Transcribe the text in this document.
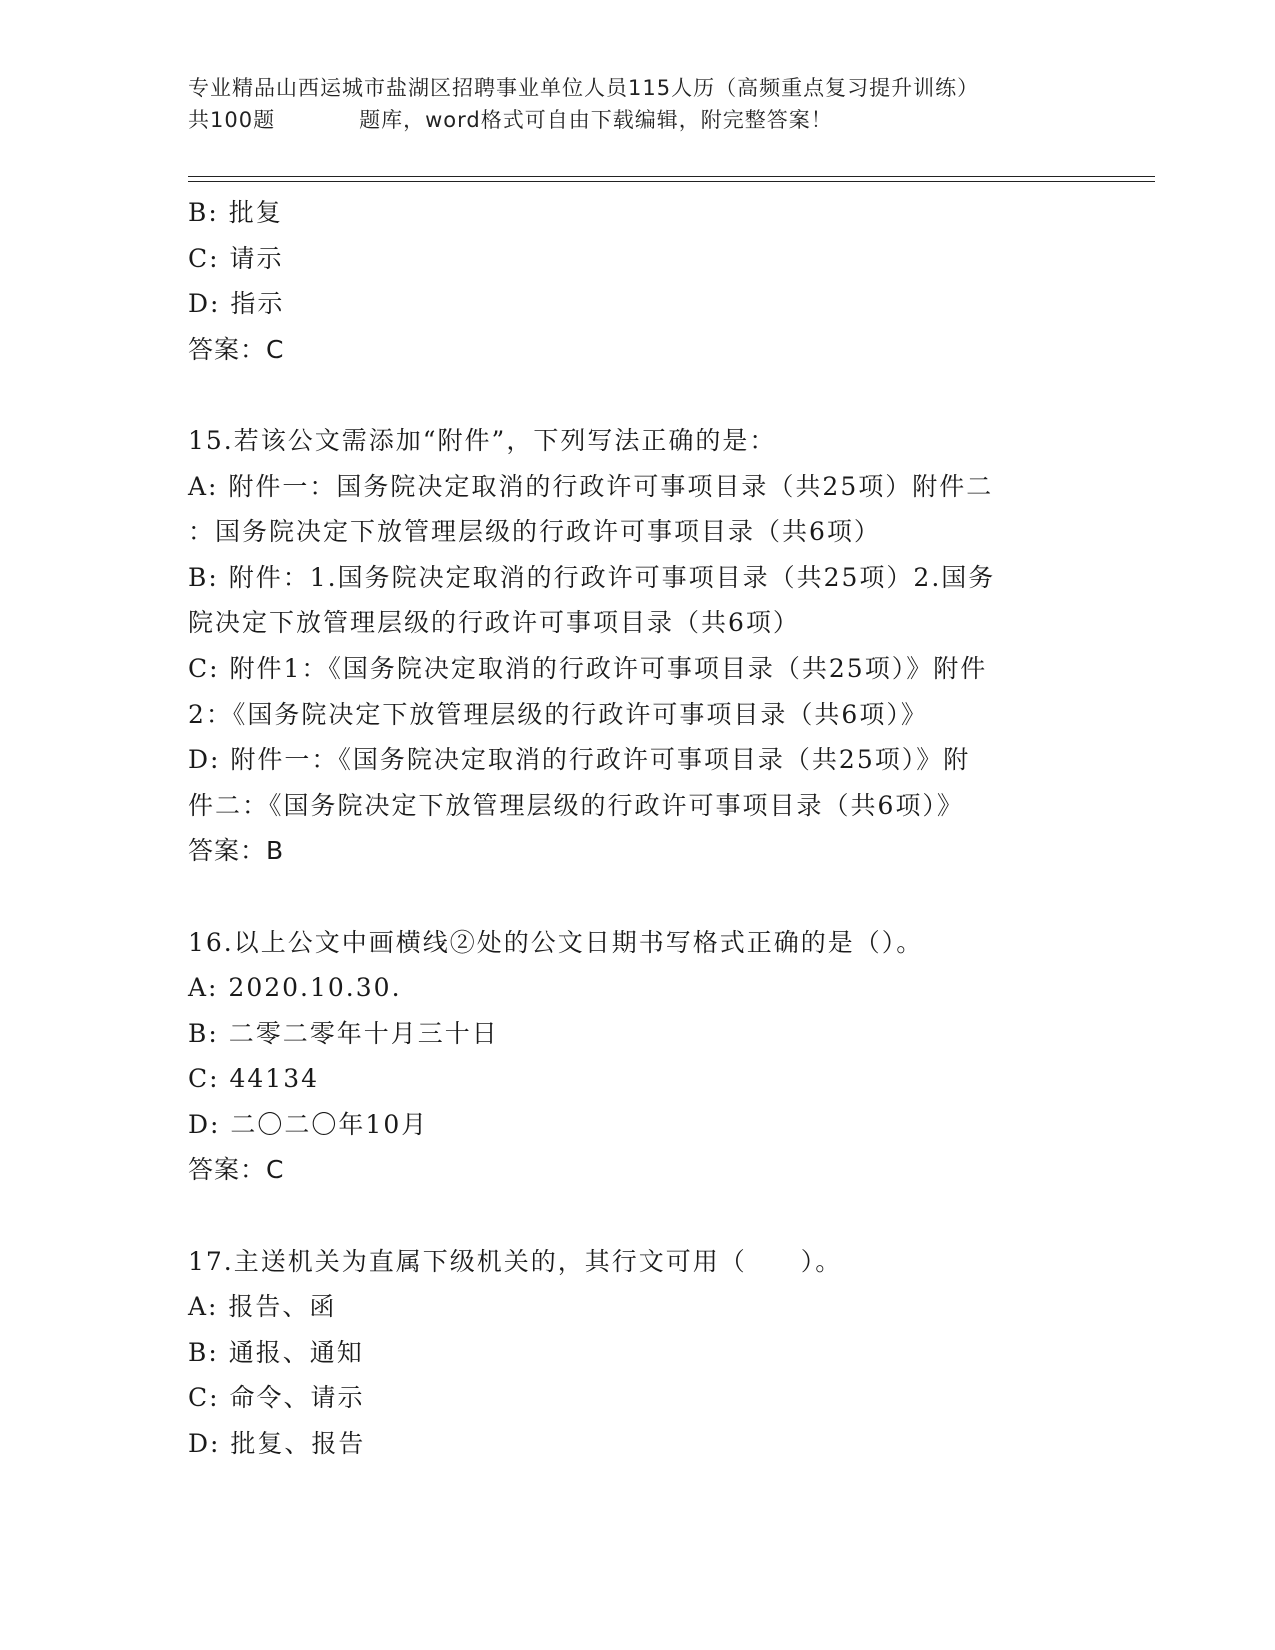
专业精品山西运城市盐湖区招聘事业单位人员115人历（高频重点复习提升训练）
共100题	题库，word格式可自由下载编辑，附完整答案！
B: 批复
C: 请示
D: 指示
答案：C
15.若该公文需添加“附件”，下列写法正确的是：
A: 附件一：国务院决定取消的行政许可事项目录（共25项）附件二
：国务院决定下放管理层级的行政许可事项目录（共6项）
B: 附件：1.国务院决定取消的行政许可事项目录（共25项）2.国务
院决定下放管理层级的行政许可事项目录（共6项）
C: 附件1：《国务院决定取消的行政许可事项目录（共25项）》附件
2：《国务院决定下放管理层级的行政许可事项目录（共6项）》
D: 附件一：《国务院决定取消的行政许可事项目录（共25项）》附
件二：《国务院决定下放管理层级的行政许可事项目录（共6项）》
答案：B
16.以上公文中画横线②处的公文日期书写格式正确的是（）。
A: 2020.10.30.
B: 二零二零年十月三十日
C: 44134
D: 二〇二〇年10月
答案：C
17.主送机关为直属下级机关的，其行文可用（　　）。
A: 报告、函
B: 通报、通知
C: 命令、请示
D: 批复、报告
